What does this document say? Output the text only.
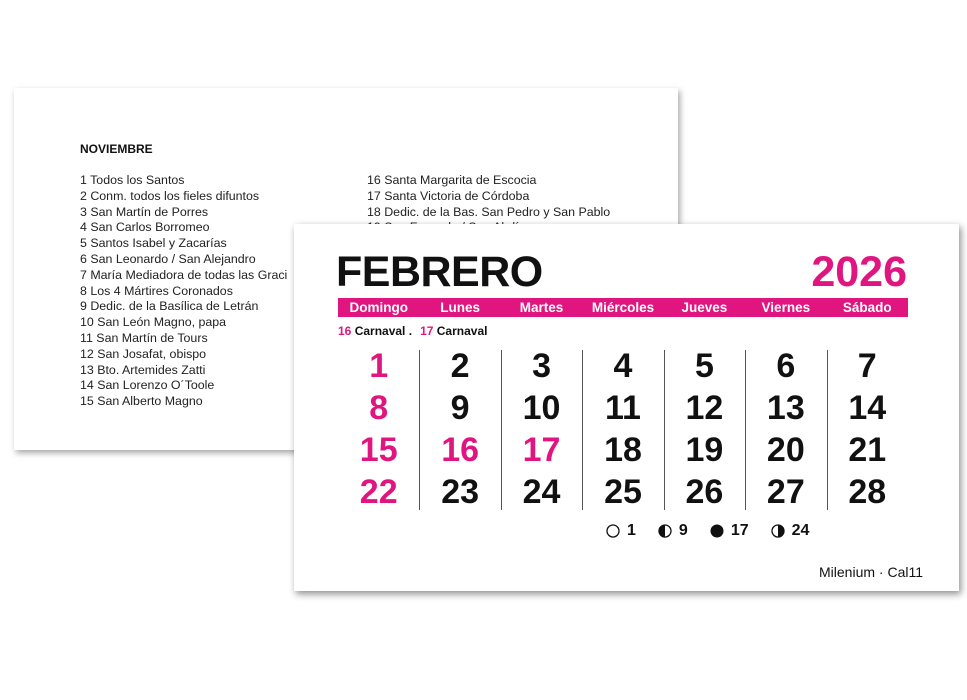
NOVIEMBRE
1 Todos los Santos
2 Conm. todos los fieles difuntos
3 San Martín de Porres
4 San Carlos Borromeo
5 Santos Isabel y Zacarías
6 San Leonardo / San Alejandro
7 María Mediadora de todas las Graci
8 Los 4 Mártires Coronados
9 Dedic. de la Basílica de Letrán
10 San León Magno, papa
11 San Martín de Tours
12 San Josafat, obispo
13 Bto. Artemides Zatti
14 San Lorenzo O´Toole
15 San Alberto Magno
16 Santa Margarita de Escocia
17 Santa Victoria de Córdoba
18 Dedic. de la Bas. San Pedro y San Pablo
FEBRERO	2026
Domingo	Lunes	Martes	Miércoles	Jueves	Viernes	Sábado
16 Carnaval . 17 Carnaval
1	2	3	4	5	6	7
8	9	10	11	12	13	14
15	16	17	18	19	20	21
22	23	24	25	26	27	28
1	9	17	24
Milenium · Cal11
